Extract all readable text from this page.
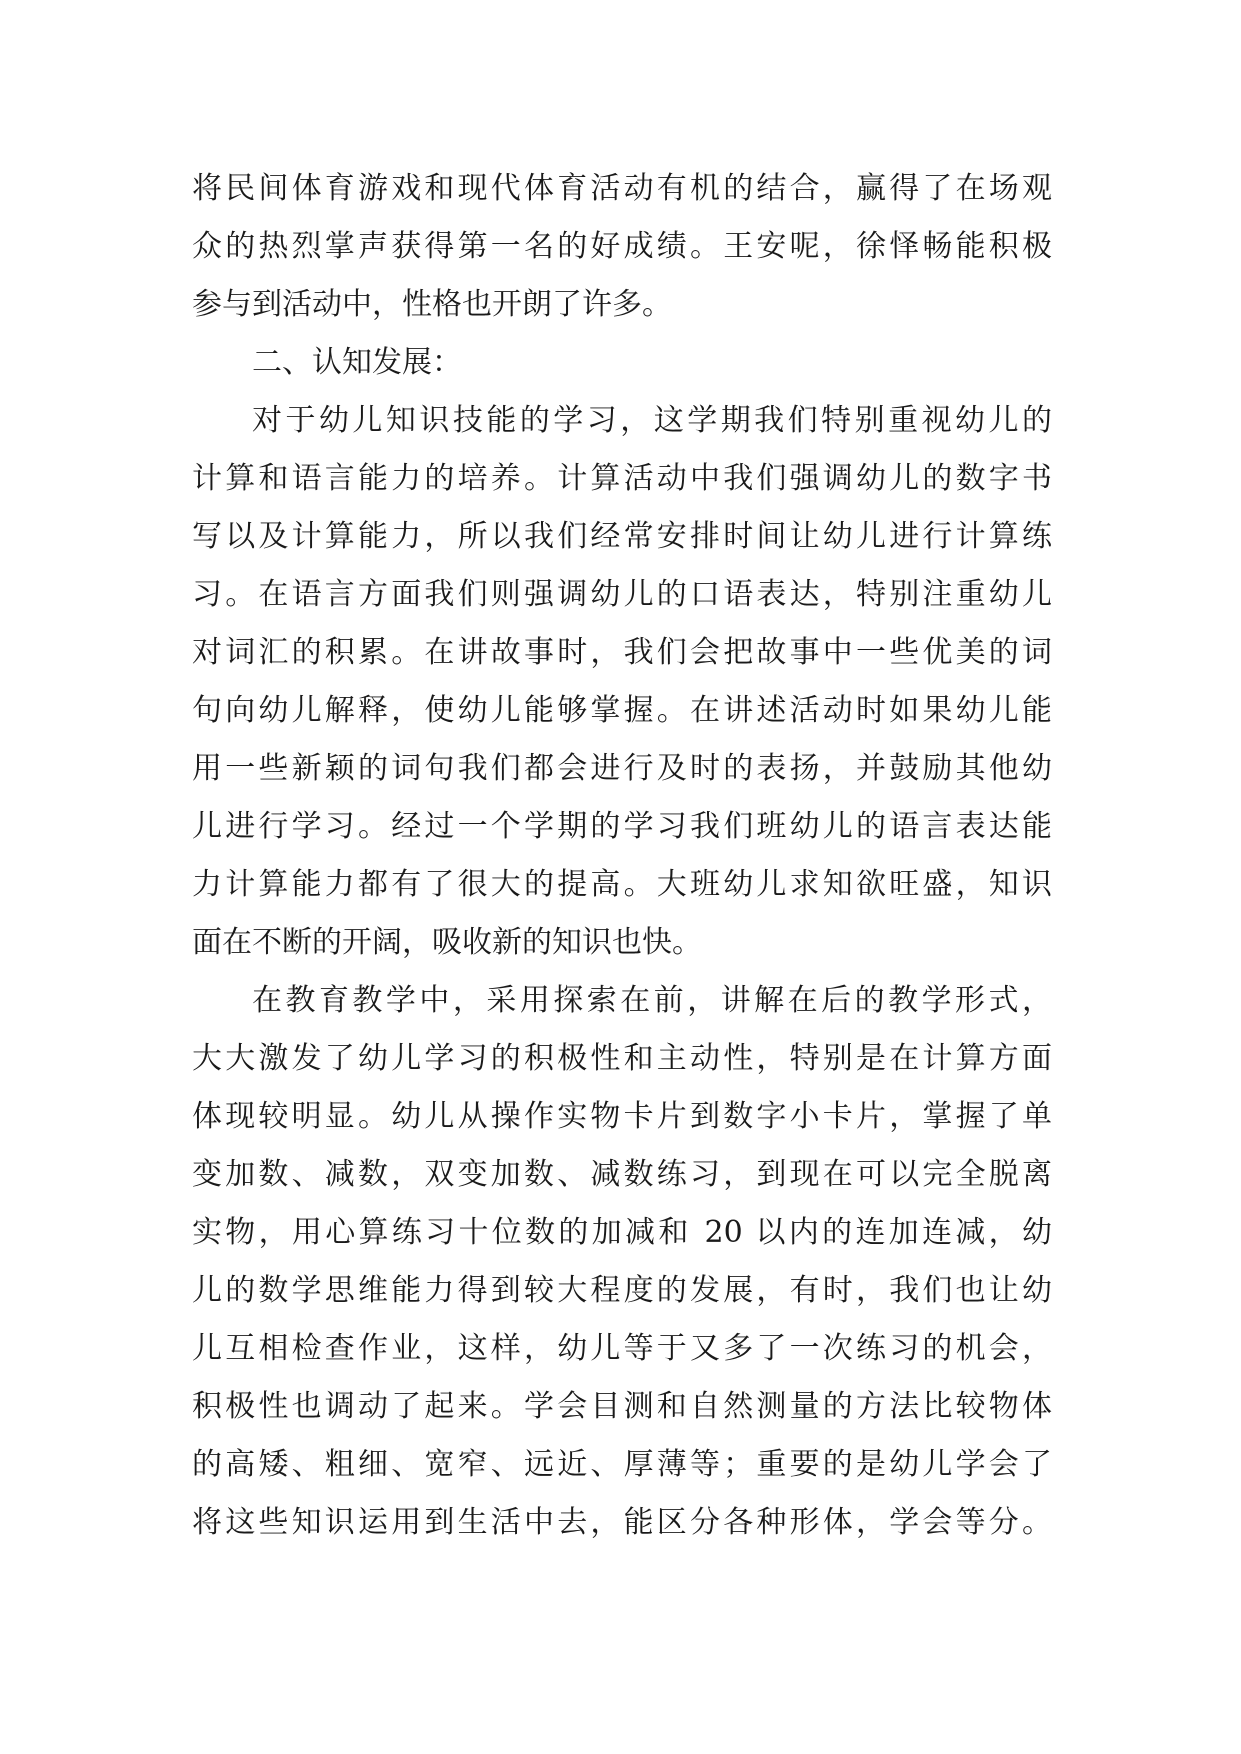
将民间体育游戏和现代体育活动有机的结合，赢得了在场观
众的热烈掌声获得第一名的好成绩。王安呢，徐怿畅能积极
参与到活动中，性格也开朗了许多。
二、认知发展：
对于幼儿知识技能的学习，这学期我们特别重视幼儿的
计算和语言能力的培养。计算活动中我们强调幼儿的数字书
写以及计算能力，所以我们经常安排时间让幼儿进行计算练
习。在语言方面我们则强调幼儿的口语表达，特别注重幼儿
对词汇的积累。在讲故事时，我们会把故事中一些优美的词
句向幼儿解释，使幼儿能够掌握。在讲述活动时如果幼儿能
用一些新颖的词句我们都会进行及时的表扬，并鼓励其他幼
儿进行学习。经过一个学期的学习我们班幼儿的语言表达能
力计算能力都有了很大的提高。大班幼儿求知欲旺盛，知识
面在不断的开阔，吸收新的知识也快。
在教育教学中，采用探索在前，讲解在后的教学形式，
大大激发了幼儿学习的积极性和主动性，特别是在计算方面
体现较明显。幼儿从操作实物卡片到数字小卡片，掌握了单
变加数、减数，双变加数、减数练习，到现在可以完全脱离
实物，用心算练习十位数的加减和 20 以内的连加连减，幼
儿的数学思维能力得到较大程度的发展，有时，我们也让幼
儿互相检查作业，这样，幼儿等于又多了一次练习的机会，
积极性也调动了起来。学会目测和自然测量的方法比较物体
的高矮、粗细、宽窄、远近、厚薄等；重要的是幼儿学会了
将这些知识运用到生活中去，能区分各种形体，学会等分。
